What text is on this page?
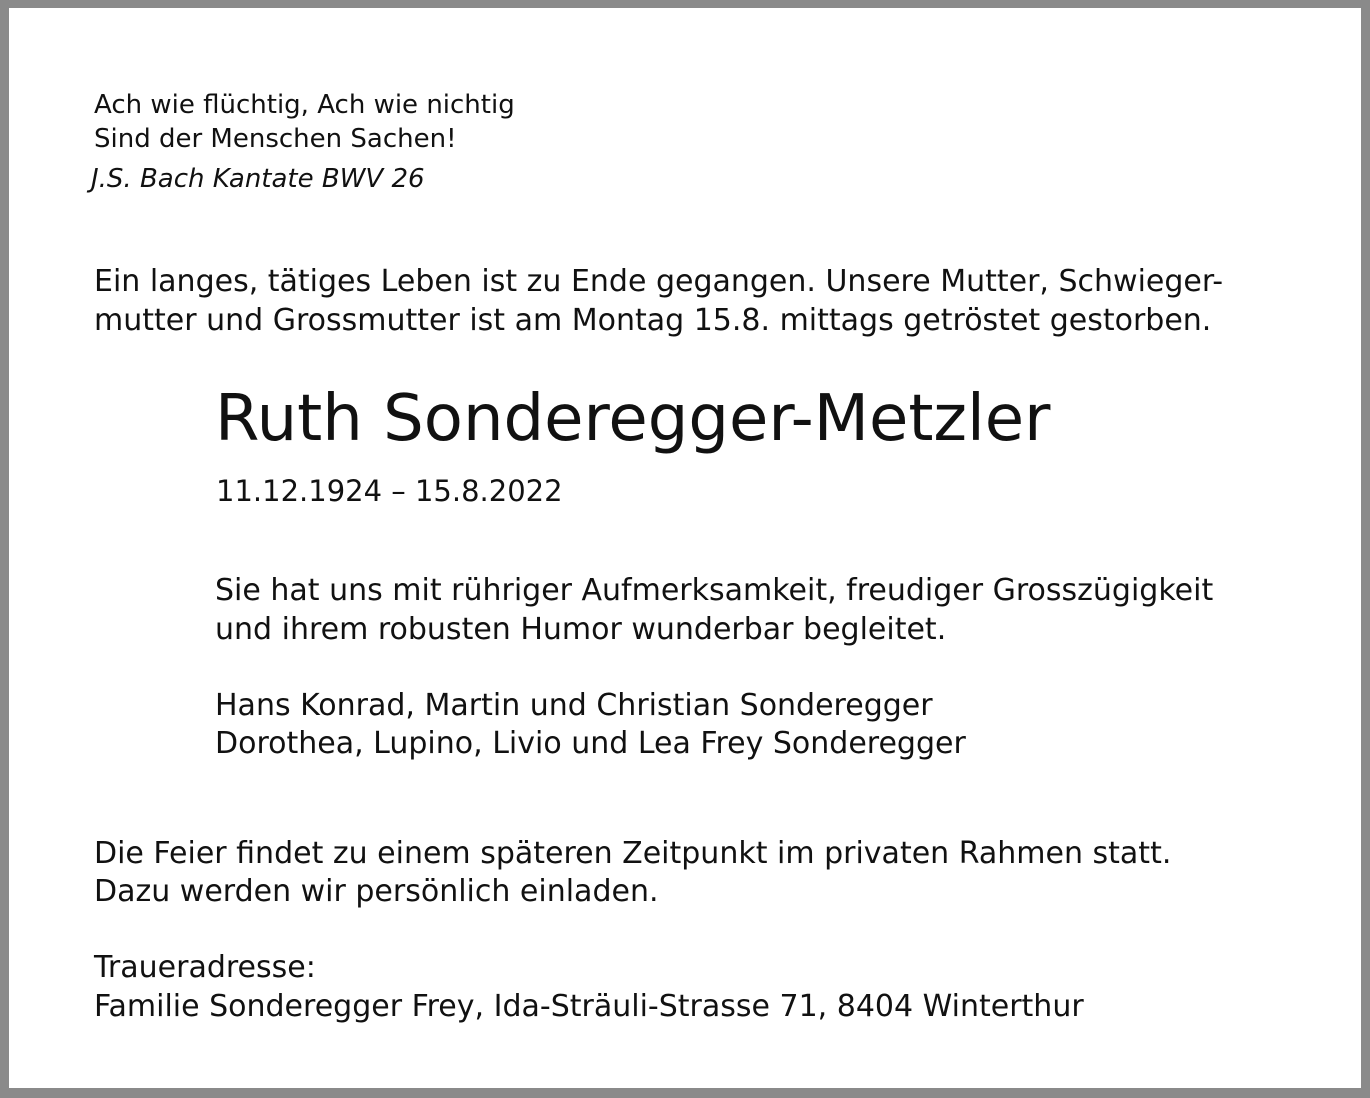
Ach wie flüchtig, Ach wie nichtig
Sind der Menschen Sachen!
J.S. Bach Kantate BWV 26
Ein langes, tätiges Leben ist zu Ende gegangen. Unsere Mutter, Schwieger-
mutter und Grossmutter ist am Montag 15.8. mittags getröstet gestorben.
Ruth Sonderegger-Metzler
11.12.1924 – 15.8.2022
Sie hat uns mit rühriger Aufmerksamkeit, freudiger Grosszügigkeit
und ihrem robusten Humor wunderbar begleitet.
Hans Konrad, Martin und Christian Sonderegger
Dorothea, Lupino, Livio und Lea Frey Sonderegger
Die Feier findet zu einem späteren Zeitpunkt im privaten Rahmen statt.
Dazu werden wir persönlich einladen.
Traueradresse:
Familie Sonderegger Frey, Ida-Sträuli-Strasse 71, 8404 Winterthur
